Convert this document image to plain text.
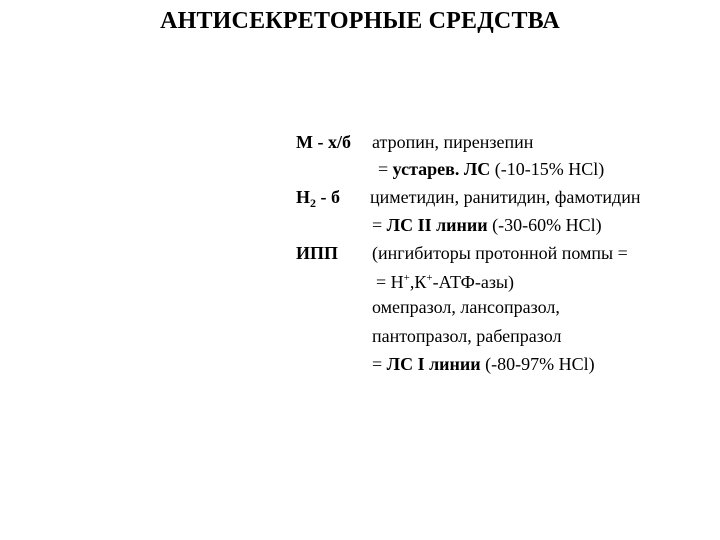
АНТИСЕКРЕТОРНЫЕ СРЕДСТВА
М - х/б атропин, пирензепин
= устарев. ЛС (-10-15% HCl)
$Н_2$ - б циметидин, ранитидин, фамотидин
= ЛС II линии (-30-60% HCl)
ИПП (ингибиторы протонной помпы =
= Н+,К+-АТФ-азы)
омепразол, лансопразол,
пантопразол, рабепразол
= ЛС I линии (-80-97% HCl)
